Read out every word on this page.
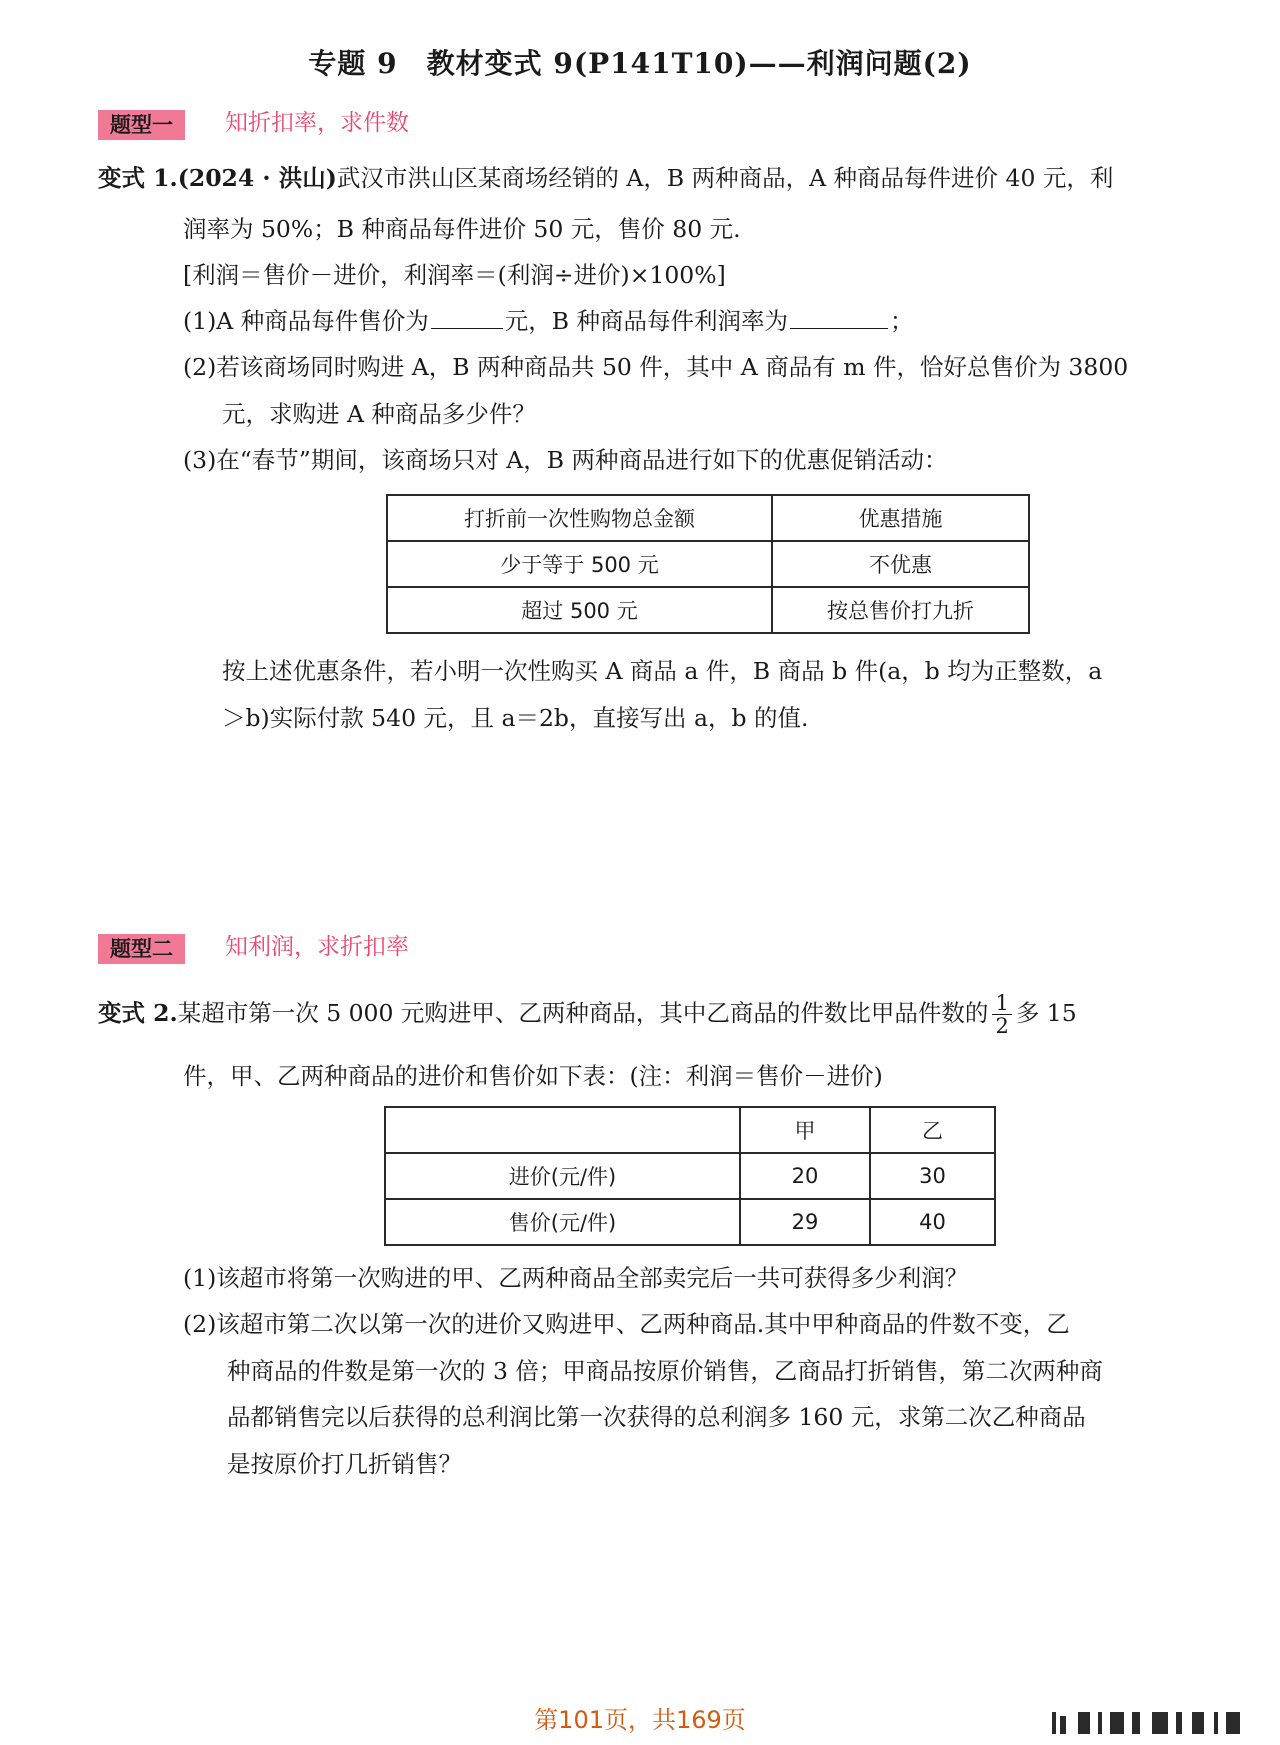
专题 9　教材变式 9(P141T10)——利润问题(2)
题型一	知折扣率，求件数
变式 1.(2024 · 洪山)武汉市洪山区某商场经销的 A，B 两种商品，A 种商品每件进价 40 元，利
润率为 50%；B 种商品每件进价 50 元，售价 80 元.
[利润＝售价－进价，利润率＝(利润÷进价)×100%]
(1)A 种商品每件售价为	元，B 种商品每件利润率为	；
(2)若该商场同时购进 A，B 两种商品共 50 件，其中 A 商品有 m 件，恰好总售价为 3800
元，求购进 A 种商品多少件？
(3)在“春节”期间，该商场只对 A，B 两种商品进行如下的优惠促销活动：
打折前一次性购物总金额	优惠措施
少于等于 500 元	不优惠
超过 500 元	按总售价打九折
按上述优惠条件，若小明一次性购买 A 商品 a 件，B 商品 b 件(a，b 均为正整数，a
＞b)实际付款 540 元，且 a＝2b，直接写出 a，b 的值.
题型二	知利润，求折扣率
变式 2.某超市第一次 5 000 元购进甲、乙两种商品，其中乙商品的件数比甲品件数的 $\frac{1}{2}$ 多 15
件，甲、乙两种商品的进价和售价如下表：(注：利润＝售价－进价)
	甲	乙
进价(元/件)	20	30
售价(元/件)	29	40
(1)该超市将第一次购进的甲、乙两种商品全部卖完后一共可获得多少利润？
(2)该超市第二次以第一次的进价又购进甲、乙两种商品.其中甲种商品的件数不变，乙
种商品的件数是第一次的 3 倍；甲商品按原价销售，乙商品打折销售，第二次两种商
品都销售完以后获得的总利润比第一次获得的总利润多 160 元，求第二次乙种商品
是按原价打几折销售？
第101页，共169页
